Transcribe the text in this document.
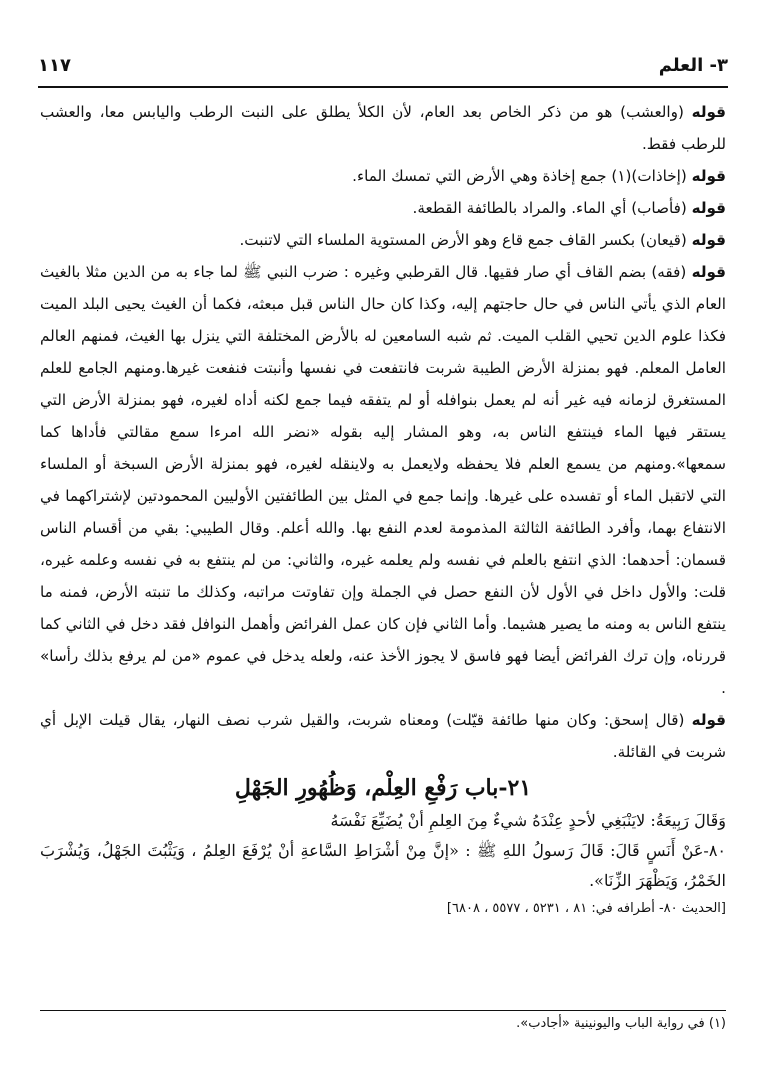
٣- العلم
١١٧

قوله (والعشب) هو من ذكر الخاص بعد العام، لأن الكلأ يطلق على النبت الرطب واليابس معا، والعشب للرطب فقط.

قوله (إخاذات)(١) جمع إخاذة وهي الأرض التي تمسك الماء.

قوله (فأصاب) أي الماء. والمراد بالطائفة القطعة.

قوله (قيعان) بكسر القاف جمع قاع وهو الأرض المستوية الملساء التي لاتنبت.

قوله (فقه) بضم القاف أي صار فقيها. قال القرطبي وغيره : ضرب النبي ﷺ لما جاء به من الدين مثلا بالغيث العام الذي يأتي الناس في حال حاجتهم إليه، وكذا كان حال الناس قبل مبعثه، فكما أن الغيث يحيى البلد الميت فكذا علوم الدين تحيي القلب الميت. ثم شبه السامعين له بالأرض المختلفة التي ينزل بها الغيث، فمنهم العالم العامل المعلم. فهو بمنزلة الأرض الطيبة شربت فانتفعت في نفسها وأنبتت فنفعت غيرها.ومنهم الجامع للعلم المستغرق لزمانه فيه غير أنه لم يعمل بنوافله أو لم يتفقه فيما جمع لكنه أداه لغيره، فهو بمنزلة الأرض التي يستقر فيها الماء فينتفع الناس به، وهو المشار إليه بقوله «نضر الله امرءا سمع مقالتي فأداها كما سمعها».ومنهم من يسمع العلم فلا يحفظه ولايعمل به ولاينقله لغيره، فهو بمنزلة الأرض السبخة أو الملساء التي لاتقبل الماء أو تفسده على غيرها. وإنما جمع في المثل بين الطائفتين الأوليين المحمودتين لإشتراكهما في الانتفاع بهما، وأفرد الطائفة الثالثة المذمومة لعدم النفع بها. والله أعلم. وقال الطيبي: بقي من أقسام الناس قسمان: أحدهما: الذي انتفع بالعلم في نفسه ولم يعلمه غيره، والثاني: من لم ينتفع به في نفسه وعلمه غيره، قلت: والأول داخل في الأول لأن النفع حصل في الجملة وإن تفاوتت مراتبه، وكذلك ما تنبته الأرض، فمنه ما ينتفع الناس به ومنه ما يصير هشيما. وأما الثاني فإن كان عمل الفرائض وأهمل النوافل فقد دخل في الثاني كما قررناه، وإن ترك الفرائض أيضا فهو فاسق لا يجوز الأخذ عنه، ولعله يدخل في عموم «من لم يرفع بذلك رأسا» .

قوله (قال إسحق: وكان منها طائفة قيّلت) ومعناه شربت، والقيل شرب نصف النهار، يقال قيلت الإبل أي شربت في القائلة.

٢١-باب رَفْعِ العِلْم، وَظُهُورِ الجَهْلِ

وَقَالَ رَبِيعَةُ: لايَنْبَغِي لأحدٍ عِنْدَهُ شيءٌ مِنَ العِلمِ أنْ يُضَيِّعَ نَفْسَهُ

٨٠-عَنْ أَنَسٍ قَالَ: قَالَ رَسولُ اللهِ ﷺ : «إنَّ مِنْ أشْرَاطِ السَّاعةِ أنْ يُرْفَعَ العِلمُ ، وَيَثْبُتَ الجَهْلُ، وَيُشْرَبَ الخَمْرُ، وَيَظْهَرَ الزِّنَا».

[الحديث ٨٠- أطرافه في: ٨١ ، ٥٢٣١ ، ٥٥٧٧ ، ٦٨٠٨]

(١) في رواية الباب واليونينية «أجادب».
